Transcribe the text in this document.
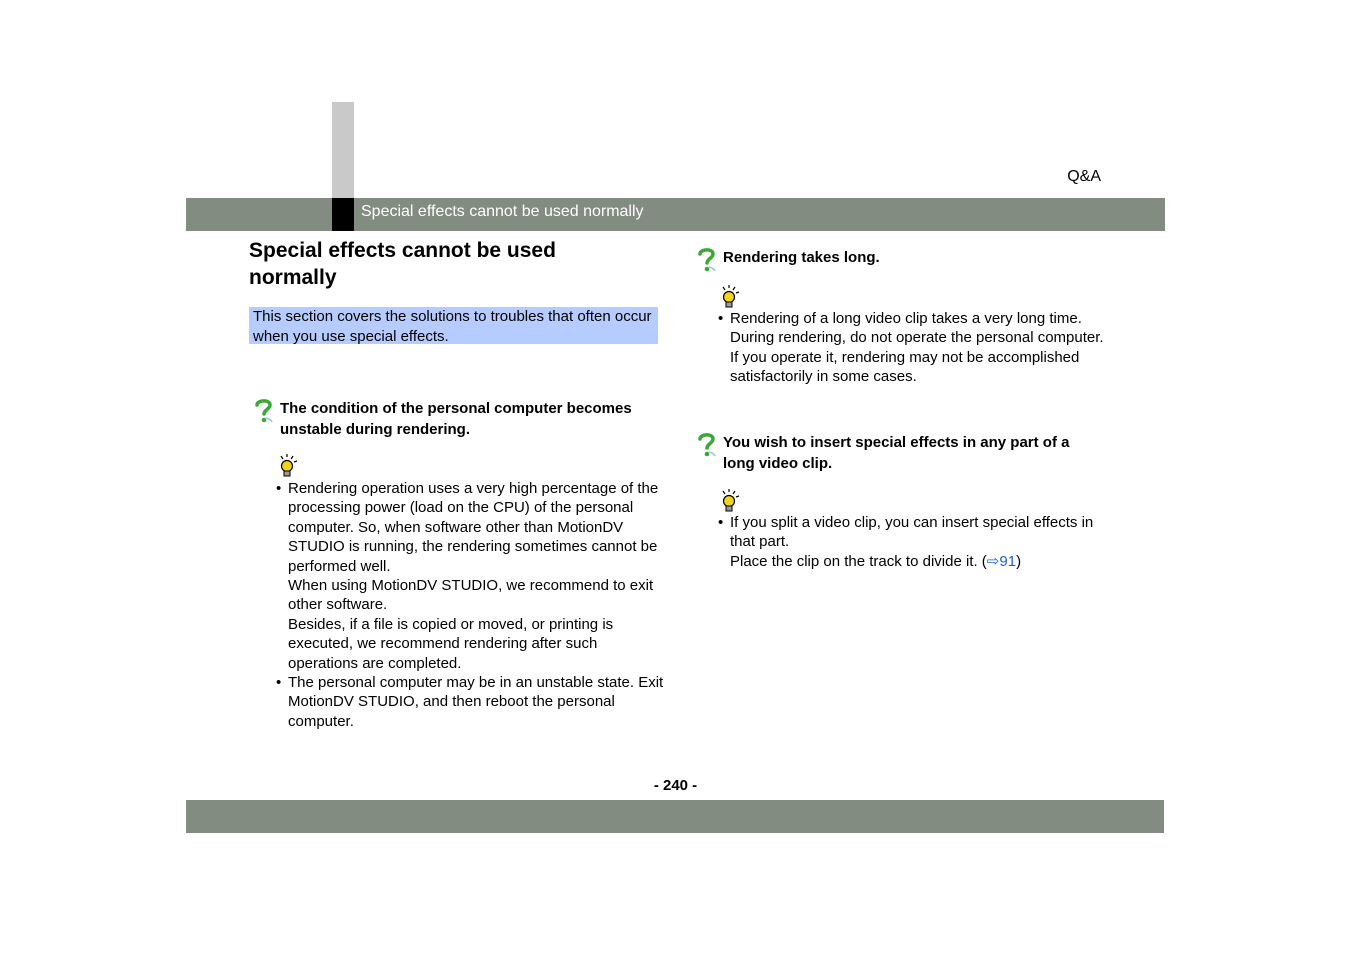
Q&A
Special effects cannot be used normally
Special effects cannot be used normally
This section covers the solutions to troubles that often occur when you use special effects.
The condition of the personal computer becomes unstable during rendering.
• Rendering operation uses a very high percentage of the processing power (load on the CPU) of the personal computer. So, when software other than MotionDV STUDIO is running, the rendering sometimes cannot be performed well.
When using MotionDV STUDIO, we recommend to exit other software.
Besides, if a file is copied or moved, or printing is executed, we recommend rendering after such operations are completed.
• The personal computer may be in an unstable state. Exit MotionDV STUDIO, and then reboot the personal computer.
Rendering takes long.
• Rendering of a long video clip takes a very long time. During rendering, do not operate the personal computer. If you operate it, rendering may not be accomplished satisfactorily in some cases.
You wish to insert special effects in any part of a long video clip.
• If you split a video clip, you can insert special effects in that part.
Place the clip on the track to divide it. (⇨91)
- 240 -
